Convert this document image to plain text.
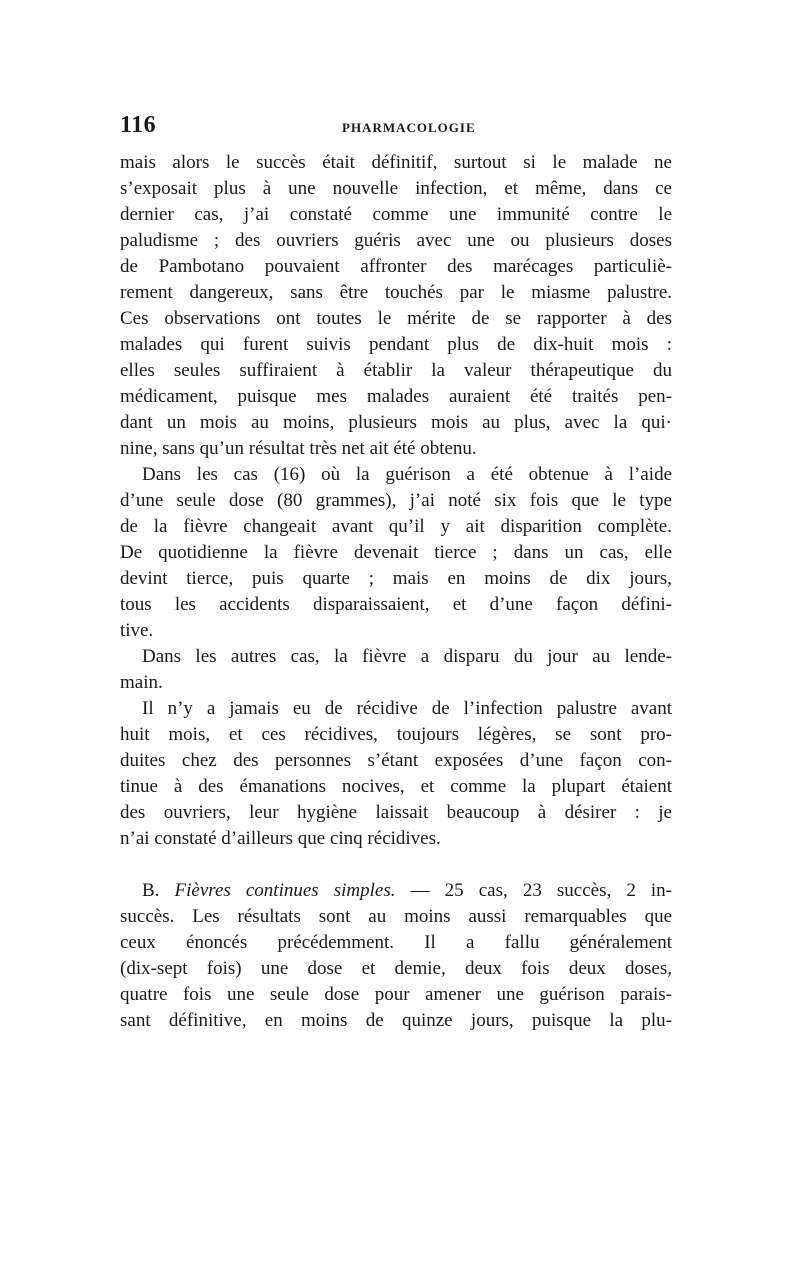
116	PHARMACOLOGIE
mais alors le succès était définitif, surtout si le malade ne
s’exposait plus à une nouvelle infection, et même, dans ce
dernier cas, j’ai constaté comme une immunité contre le
paludisme ; des ouvriers guéris avec une ou plusieurs doses
de Pambotano pouvaient affronter des marécages particuliè-
rement dangereux, sans être touchés par le miasme palustre.
Ces observations ont toutes le mérite de se rapporter à des
malades qui furent suivis pendant plus de dix-huit mois :
elles seules suffiraient à établir la valeur thérapeutique du
médicament, puisque mes malades auraient été traités pen-
dant un mois au moins, plusieurs mois au plus, avec la qui·
nine, sans qu’un résultat très net ait été obtenu.
Dans les cas (16) où la guérison a été obtenue à l’aide
d’une seule dose (80 grammes), j’ai noté six fois que le type
de la fièvre changeait avant qu’il y ait disparition complète.
De quotidienne la fièvre devenait tierce ; dans un cas, elle
devint tierce, puis quarte ; mais en moins de dix jours,
tous les accidents disparaissaient, et d’une façon défini-
tive.
Dans les autres cas, la fièvre a disparu du jour au lende-
main.
Il n’y a jamais eu de récidive de l’infection palustre avant
huit mois, et ces récidives, toujours légères, se sont pro-
duites chez des personnes s’étant exposées d’une façon con-
tinue à des émanations nocives, et comme la plupart étaient
des ouvriers, leur hygiène laissait beaucoup à désirer : je
n’ai constaté d’ailleurs que cinq récidives.
B. Fièvres continues simples. — 25 cas, 23 succès, 2 in-
succès. Les résultats sont au moins aussi remarquables que
ceux énoncés précédemment. Il a fallu généralement
(dix-sept fois) une dose et demie, deux fois deux doses,
quatre fois une seule dose pour amener une guérison parais-
sant définitive, en moins de quinze jours, puisque la plu-
